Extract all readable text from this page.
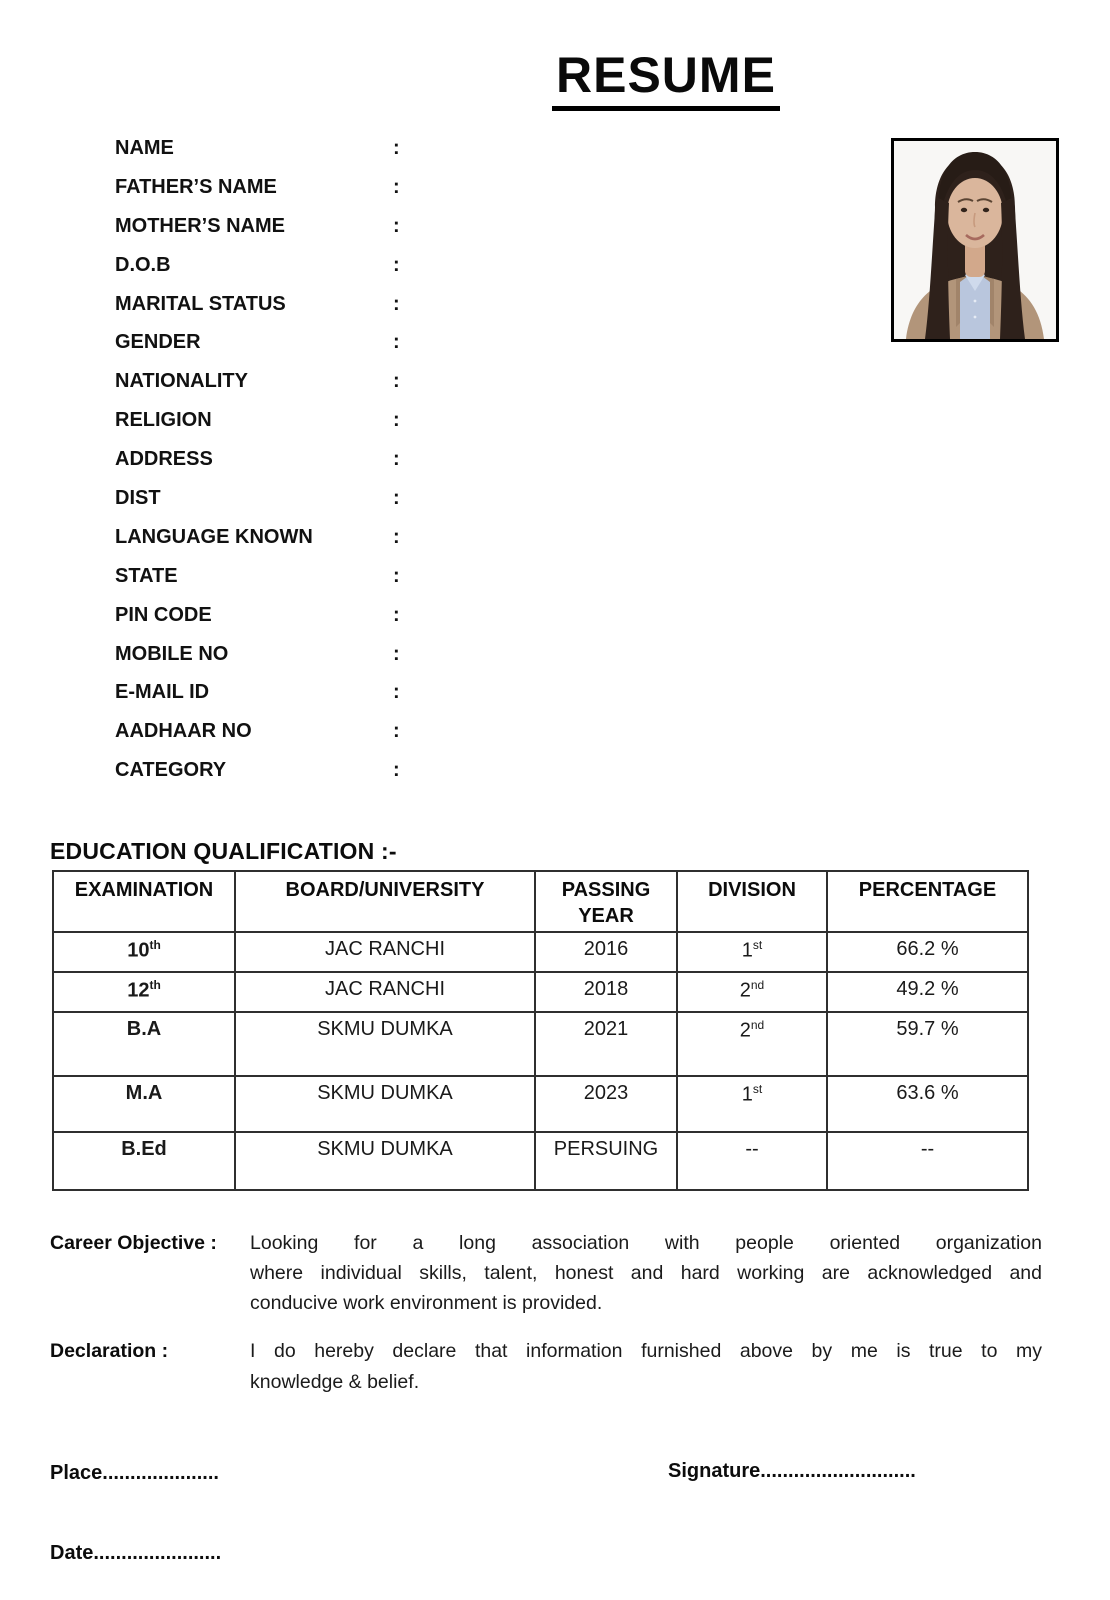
RESUME
NAME	:
FATHER’S NAME	:
MOTHER’S NAME	:
D.O.B	:
MARITAL STATUS	:
GENDER	:
NATIONALITY	:
RELIGION	:
ADDRESS	:
DIST	:
LANGUAGE KNOWN	:
STATE	:
PIN CODE	:
MOBILE NO	:
E-MAIL ID	:
AADHAAR NO	:
CATEGORY	:
EDUCATION QUALIFICATION :-
EXAMINATION	BOARD/UNIVERSITY	PASSING YEAR	DIVISION	PERCENTAGE
10th	JAC RANCHI	2016	1st	66.2 %
12th	JAC RANCHI	2018	2nd	49.2 %
B.A	SKMU DUMKA	2021	2nd	59.7 %
M.A	SKMU DUMKA	2023	1st	63.6 %
B.Ed	SKMU DUMKA	PERSUING	--	--
Career Objective :	Looking for a long association with people oriented organization
where individual skills, talent, honest and hard working are acknowledged and
conducive work environment is provided.
Declaration :	I do hereby declare that information furnished above by me is true to my
knowledge & belief.
Place.....................	Signature............................
Date.......................
